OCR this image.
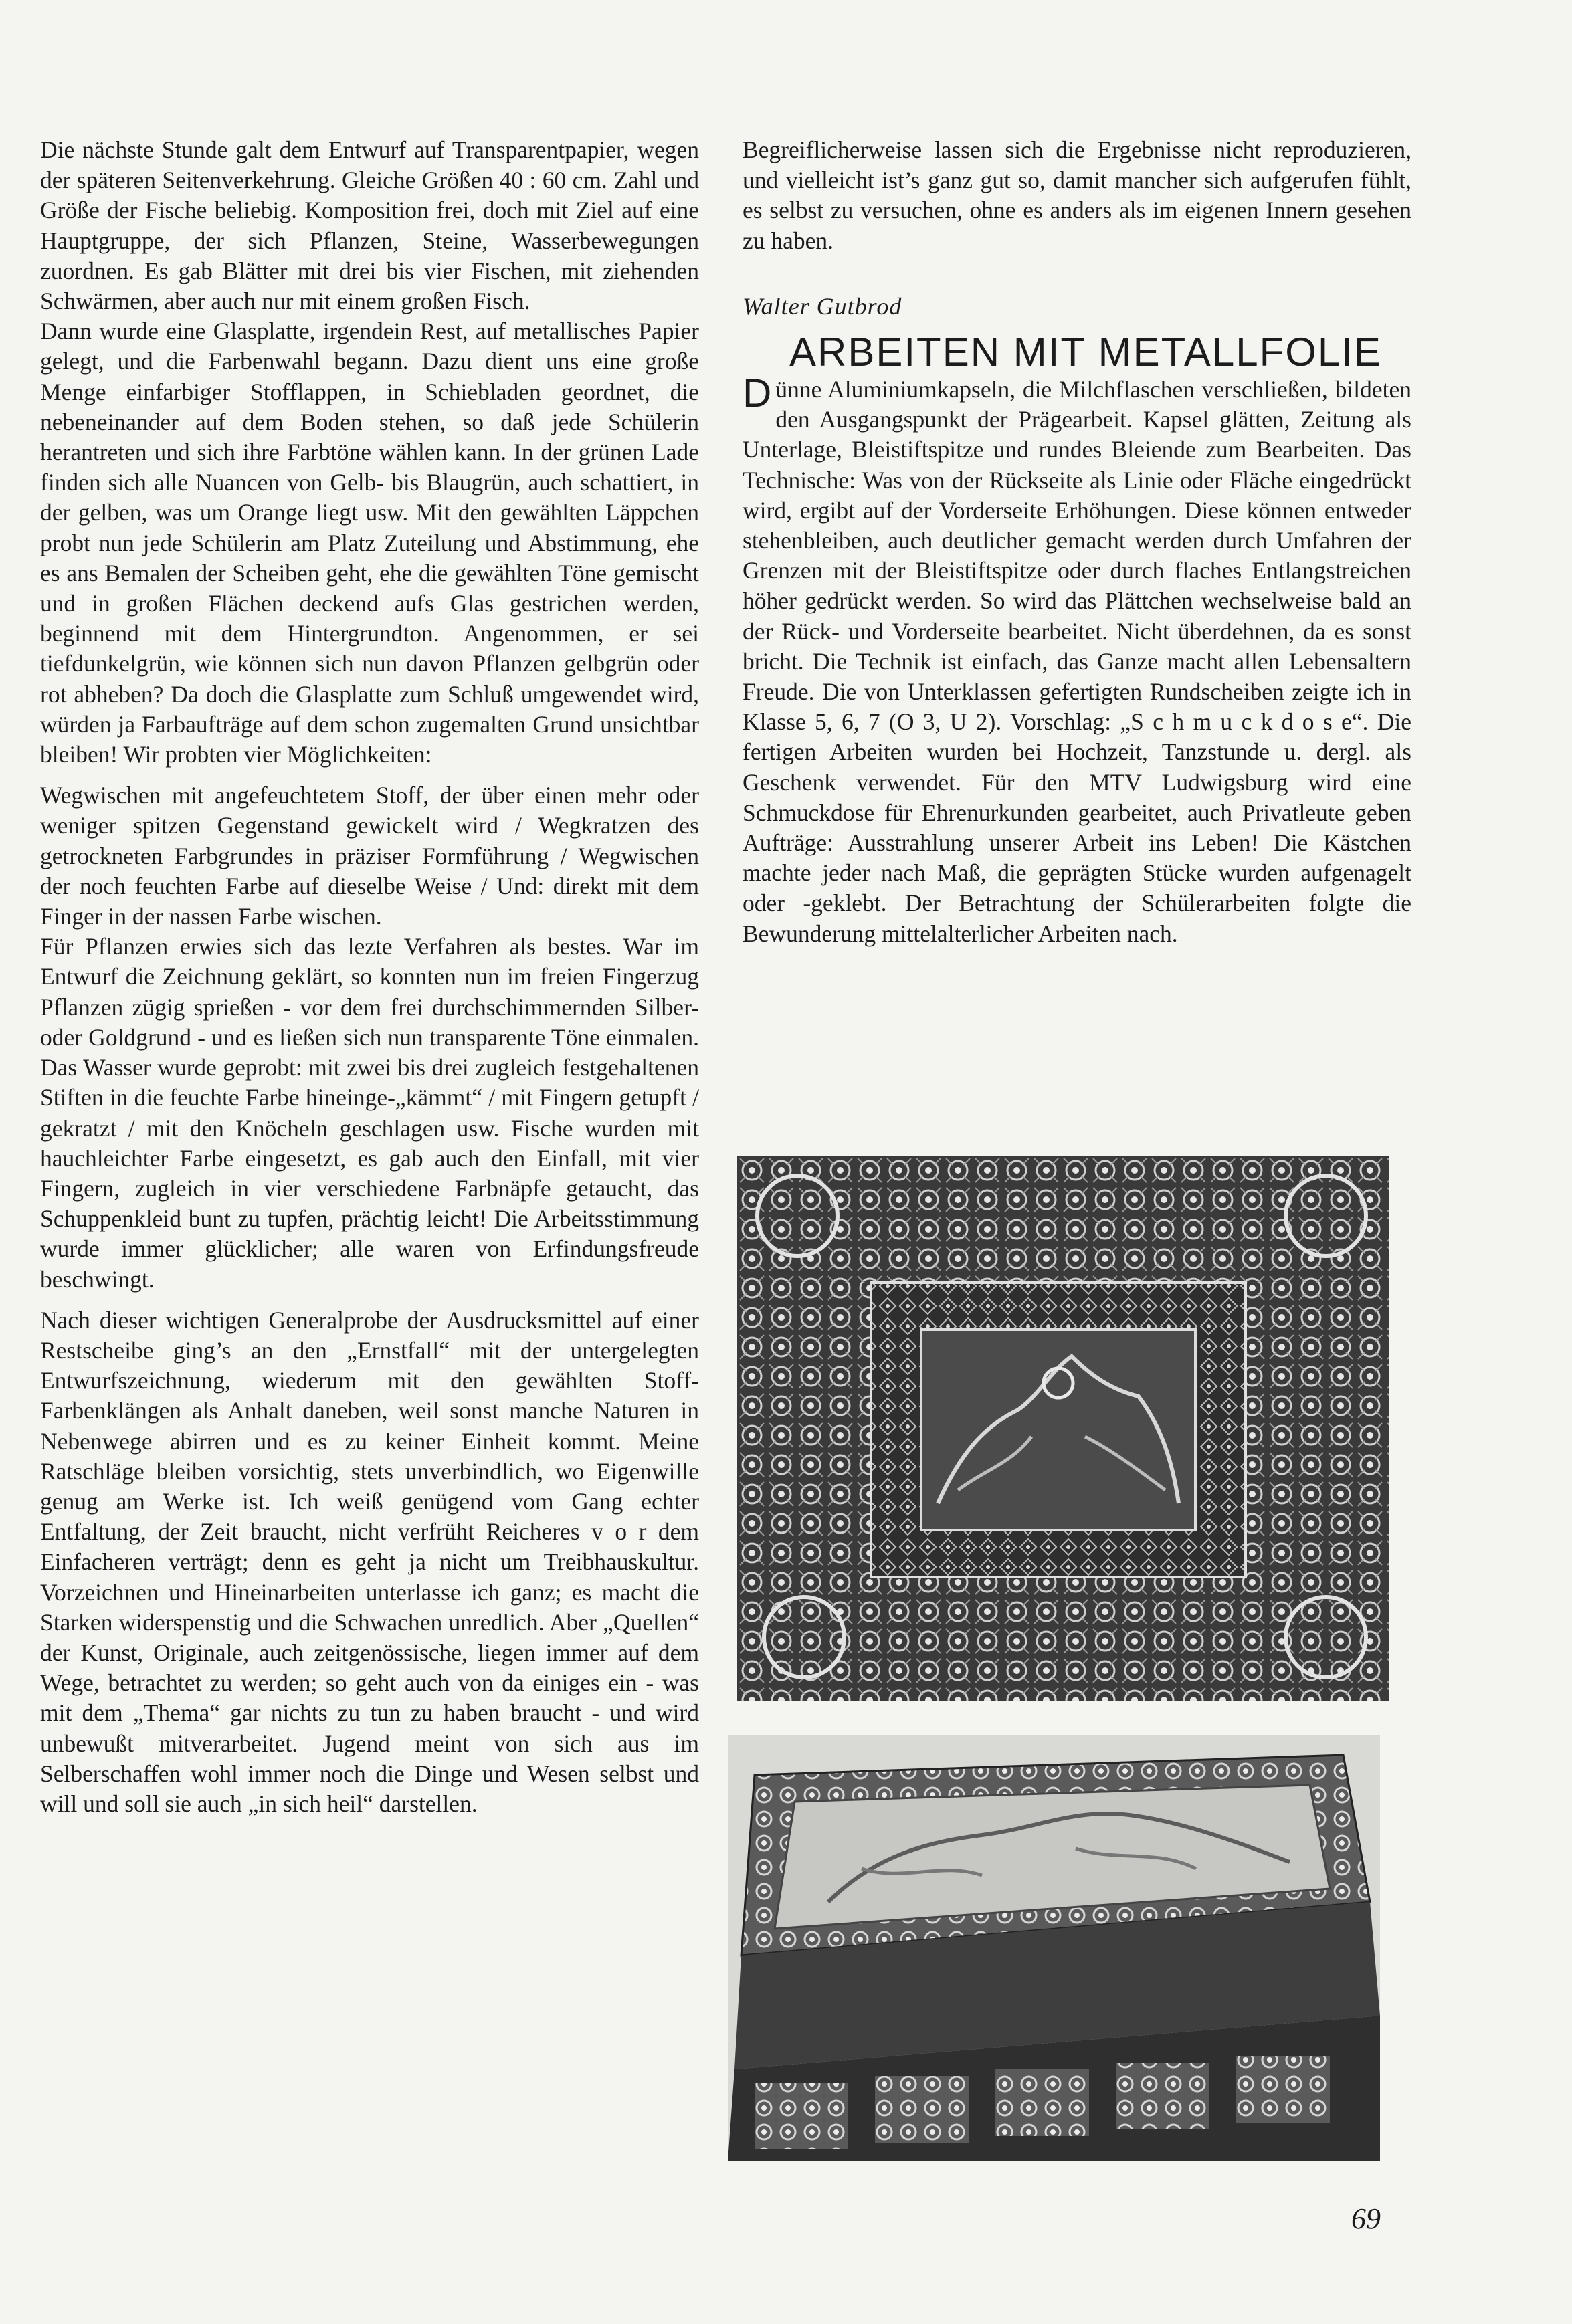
Die nächste Stunde galt dem Entwurf auf Transparentpapier, wegen der späteren Seitenverkehrung. Gleiche Größen 40 : 60 cm. Zahl und Größe der Fische beliebig. Komposition frei, doch mit Ziel auf eine Hauptgruppe, der sich Pflanzen, Steine, Wasserbewegungen zuordnen. Es gab Blätter mit drei bis vier Fischen, mit ziehenden Schwärmen, aber auch nur mit einem großen Fisch.

Dann wurde eine Glasplatte, irgendein Rest, auf metallisches Papier gelegt, und die Farbenwahl begann. Dazu dient uns eine große Menge einfarbiger Stofflappen, in Schiebladen geordnet, die nebeneinander auf dem Boden stehen, so daß jede Schülerin herantreten und sich ihre Farbtöne wählen kann. In der grünen Lade finden sich alle Nuancen von Gelb- bis Blaugrün, auch schattiert, in der gelben, was um Orange liegt usw. Mit den gewählten Läppchen probt nun jede Schülerin am Platz Zuteilung und Abstimmung, ehe es ans Bemalen der Scheiben geht, ehe die gewählten Töne gemischt und in großen Flächen deckend aufs Glas gestrichen werden, beginnend mit dem Hintergrundton. Angenommen, er sei tiefdunkelgrün, wie können sich nun davon Pflanzen gelbgrün oder rot abheben? Da doch die Glasplatte zum Schluß umgewendet wird, würden ja Farbaufträge auf dem schon zugemalten Grund unsichtbar bleiben! Wir probten vier Möglichkeiten:

Wegwischen mit angefeuchtetem Stoff, der über einen mehr oder weniger spitzen Gegenstand gewickelt wird / Wegkratzen des getrockneten Farbgrundes in präziser Formführung / Wegwischen der noch feuchten Farbe auf dieselbe Weise / Und: direkt mit dem Finger in der nassen Farbe wischen.

Für Pflanzen erwies sich das lezte Verfahren als bestes. War im Entwurf die Zeichnung geklärt, so konnten nun im freien Fingerzug Pflanzen zügig sprießen - vor dem frei durchschimmernden Silber- oder Goldgrund - und es ließen sich nun transparente Töne einmalen. Das Wasser wurde geprobt: mit zwei bis drei zugleich festgehaltenen Stiften in die feuchte Farbe hineinge-„kämmt“ / mit Fingern getupft / gekratzt / mit den Knöcheln geschlagen usw. Fische wurden mit hauchleichter Farbe eingesetzt, es gab auch den Einfall, mit vier Fingern, zugleich in vier verschiedene Farbnäpfe getaucht, das Schuppenkleid bunt zu tupfen, prächtig leicht! Die Arbeitsstimmung wurde immer glücklicher; alle waren von Erfindungsfreude beschwingt.

Nach dieser wichtigen Generalprobe der Ausdrucksmittel auf einer Restscheibe ging’s an den „Ernstfall“ mit der untergelegten Entwurfszeichnung, wiederum mit den gewählten Stoff-Farbenklängen als Anhalt daneben, weil sonst manche Naturen in Nebenwege abirren und es zu keiner Einheit kommt. Meine Ratschläge bleiben vorsichtig, stets unverbindlich, wo Eigenwille genug am Werke ist. Ich weiß genügend vom Gang echter Entfaltung, der Zeit braucht, nicht verfrüht Reicheres v o r dem Einfacheren verträgt; denn es geht ja nicht um Treibhauskultur. Vorzeichnen und Hineinarbeiten unterlasse ich ganz; es macht die Starken widerspenstig und die Schwachen unredlich. Aber „Quellen“ der Kunst, Originale, auch zeitgenössische, liegen immer auf dem Wege, betrachtet zu werden; so geht auch von da einiges ein - was mit dem „Thema“ gar nichts zu tun zu haben braucht - und wird unbewußt mitverarbeitet. Jugend meint von sich aus im Selberschaffen wohl immer noch die Dinge und Wesen selbst und will und soll sie auch „in sich heil“ darstellen.

Begreiflicherweise lassen sich die Ergebnisse nicht reproduzieren, und vielleicht ist’s ganz gut so, damit mancher sich aufgerufen fühlt, es selbst zu versuchen, ohne es anders als im eigenen Innern gesehen zu haben.

Walter Gutbrod
ARBEITEN MIT METALLFOLIE
Dünne Aluminiumkapseln, die Milchflaschen verschließen, bildeten den Ausgangspunkt der Prägearbeit. Kapsel glätten, Zeitung als Unterlage, Bleistiftspitze und rundes Bleiende zum Bearbeiten. Das Technische: Was von der Rückseite als Linie oder Fläche eingedrückt wird, ergibt auf der Vorderseite Erhöhungen. Diese können entweder stehenbleiben, auch deutlicher gemacht werden durch Umfahren der Grenzen mit der Bleistiftspitze oder durch flaches Entlangstreichen höher gedrückt werden. So wird das Plättchen wechselweise bald an der Rück- und Vorderseite bearbeitet. Nicht überdehnen, da es sonst bricht. Die Technik ist einfach, das Ganze macht allen Lebensaltern Freude. Die von Unterklassen gefertigten Rundscheiben zeigte ich in Klasse 5, 6, 7 (O 3, U 2). Vorschlag: „S c h m u c k d o s e“. Die fertigen Arbeiten wurden bei Hochzeit, Tanzstunde u. dergl. als Geschenk verwendet. Für den MTV Ludwigsburg wird eine Schmuckdose für Ehrenurkunden gearbeitet, auch Privatleute geben Aufträge: Ausstrahlung unserer Arbeit ins Leben! Die Kästchen machte jeder nach Maß, die geprägten Stücke wurden aufgenagelt oder -geklebt. Der Betrachtung der Schülerarbeiten folgte die Bewunderung mittelalterlicher Arbeiten nach.
69
